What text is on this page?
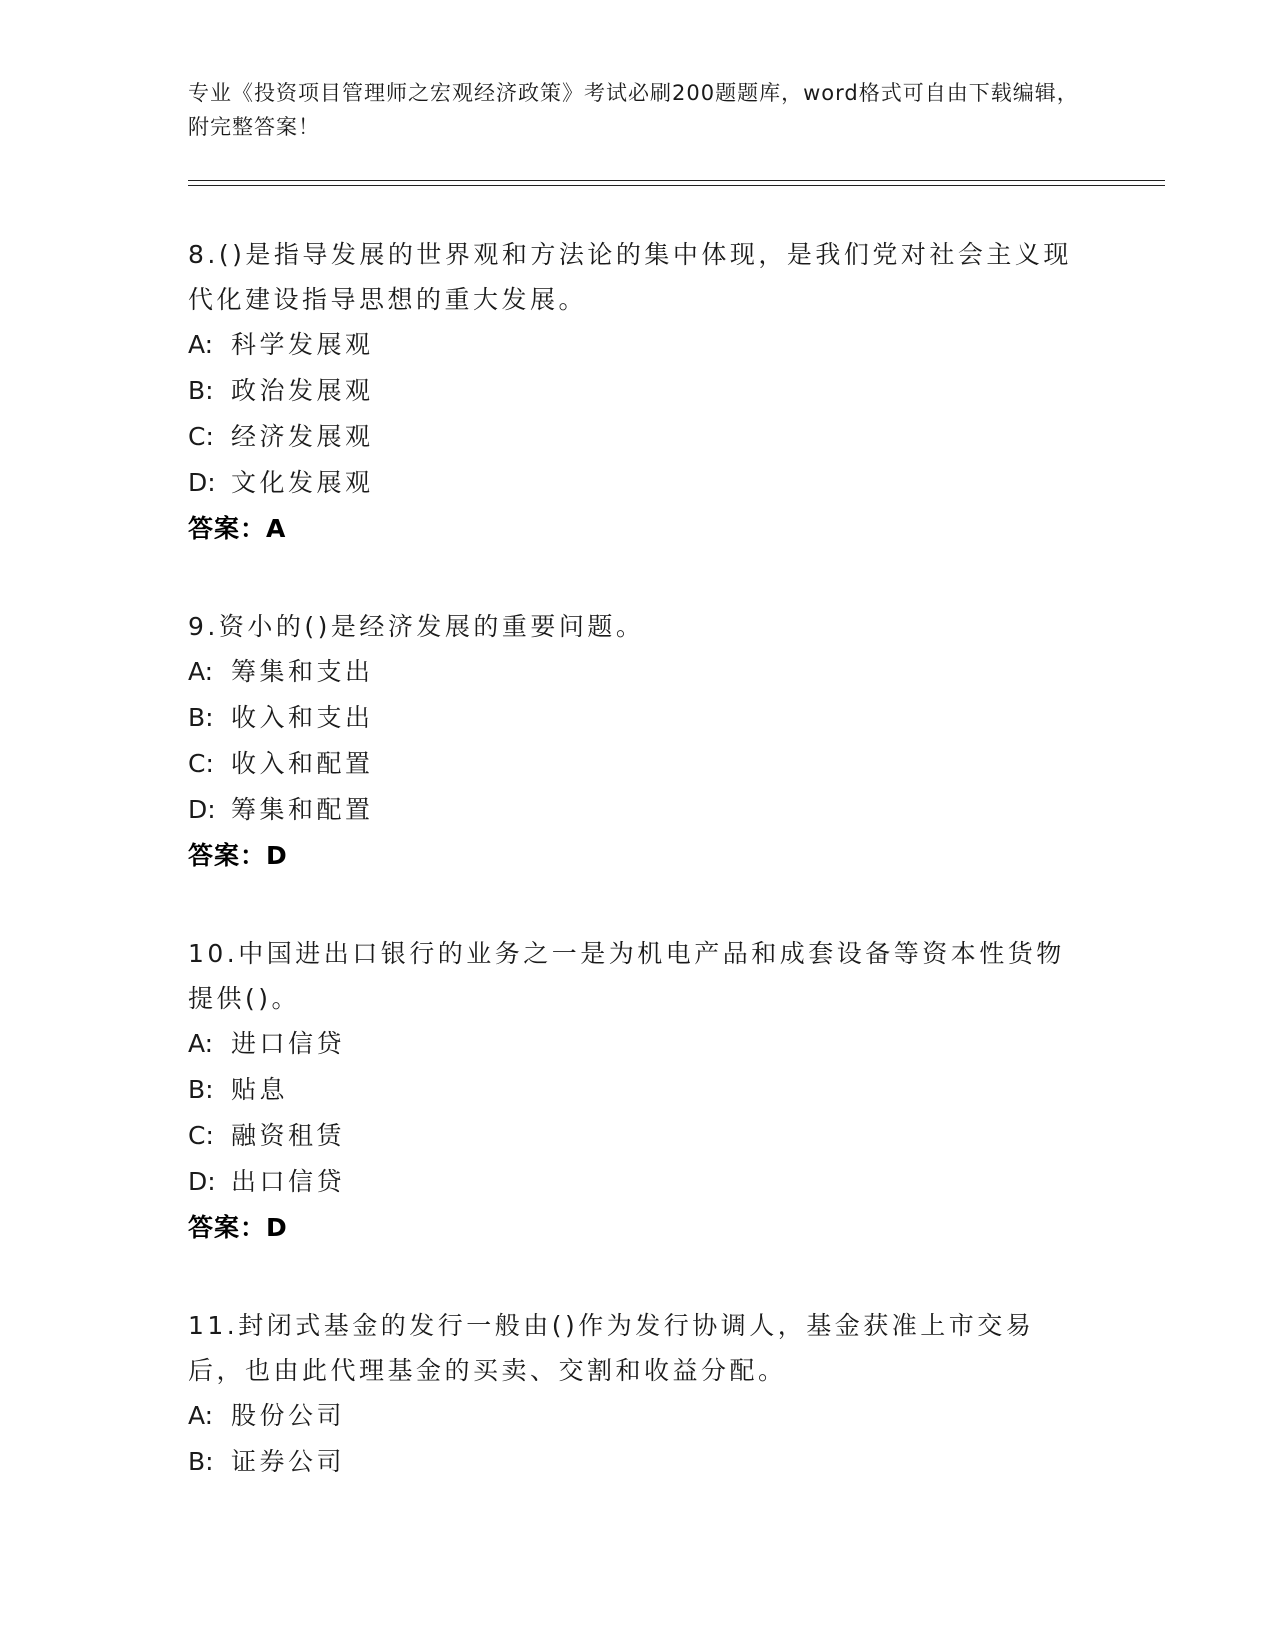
专业《投资项目管理师之宏观经济政策》考试必刷200题题库，word格式可自由下载编辑，附完整答案！
8.()是指导发展的世界观和方法论的集中体现，是我们党对社会主义现代化建设指导思想的重大发展。
A: 科学发展观
B: 政治发展观
C: 经济发展观
D: 文化发展观
答案：A
9.资小的()是经济发展的重要问题。
A: 筹集和支出
B: 收入和支出
C: 收入和配置
D: 筹集和配置
答案：D
10.中国进出口银行的业务之一是为机电产品和成套设备等资本性货物提供()。
A: 进口信贷
B: 贴息
C: 融资租赁
D: 出口信贷
答案：D
11.封闭式基金的发行一般由()作为发行协调人，基金获准上市交易后，也由此代理基金的买卖、交割和收益分配。
A: 股份公司
B: 证券公司
